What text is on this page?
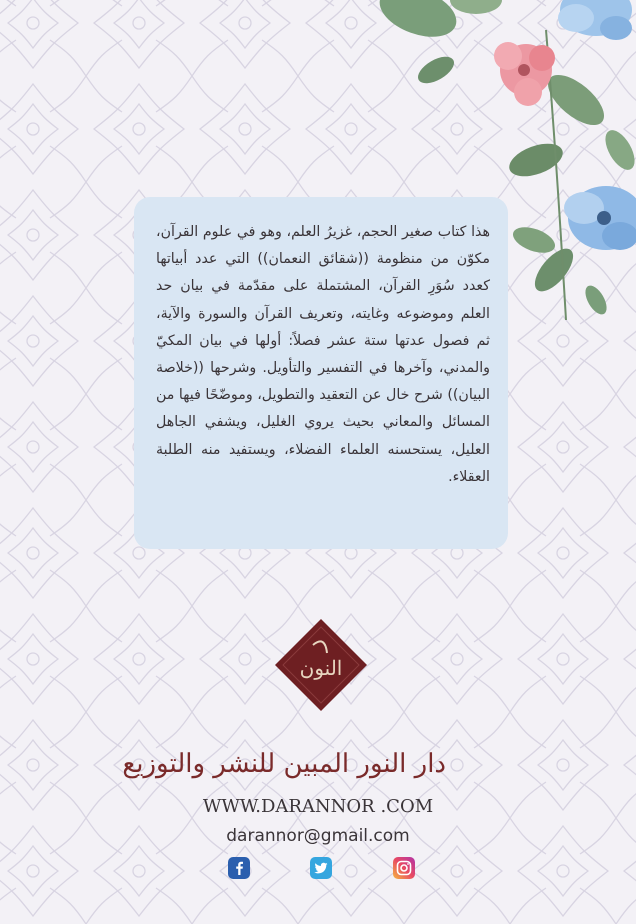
هذا كتاب صغير الحجم، غزيرُ العلم، وهو في علوم القرآن، مكوّن من منظومة ((شقائق النعمان)) التي عدد أبياتها كعدد سُوَرِ القرآن، المشتملة على مقدّمة في بيان حد العلم وموضوعه وغايته، وتعريف القرآن والسورة والآية، ثم فصول عدتها ستة عشر فصلاً: أولها في بيان المكيّ والمدني، وآخرها في التفسير والتأويل. وشرحها ((خلاصة البيان)) شرح خال عن التعقيد والتطويل، وموضّحًا فيها من المسائل والمعاني بحيث يروي الغليل، ويشفي الجاهل العليل، يستحسنه العلماء الفضلاء، ويستفيد منه الطلبة العقلاء.

النون
دار النور المبين للنشر والتوزيع
WWW.DARANNOR .COM
darannor@gmail.com
